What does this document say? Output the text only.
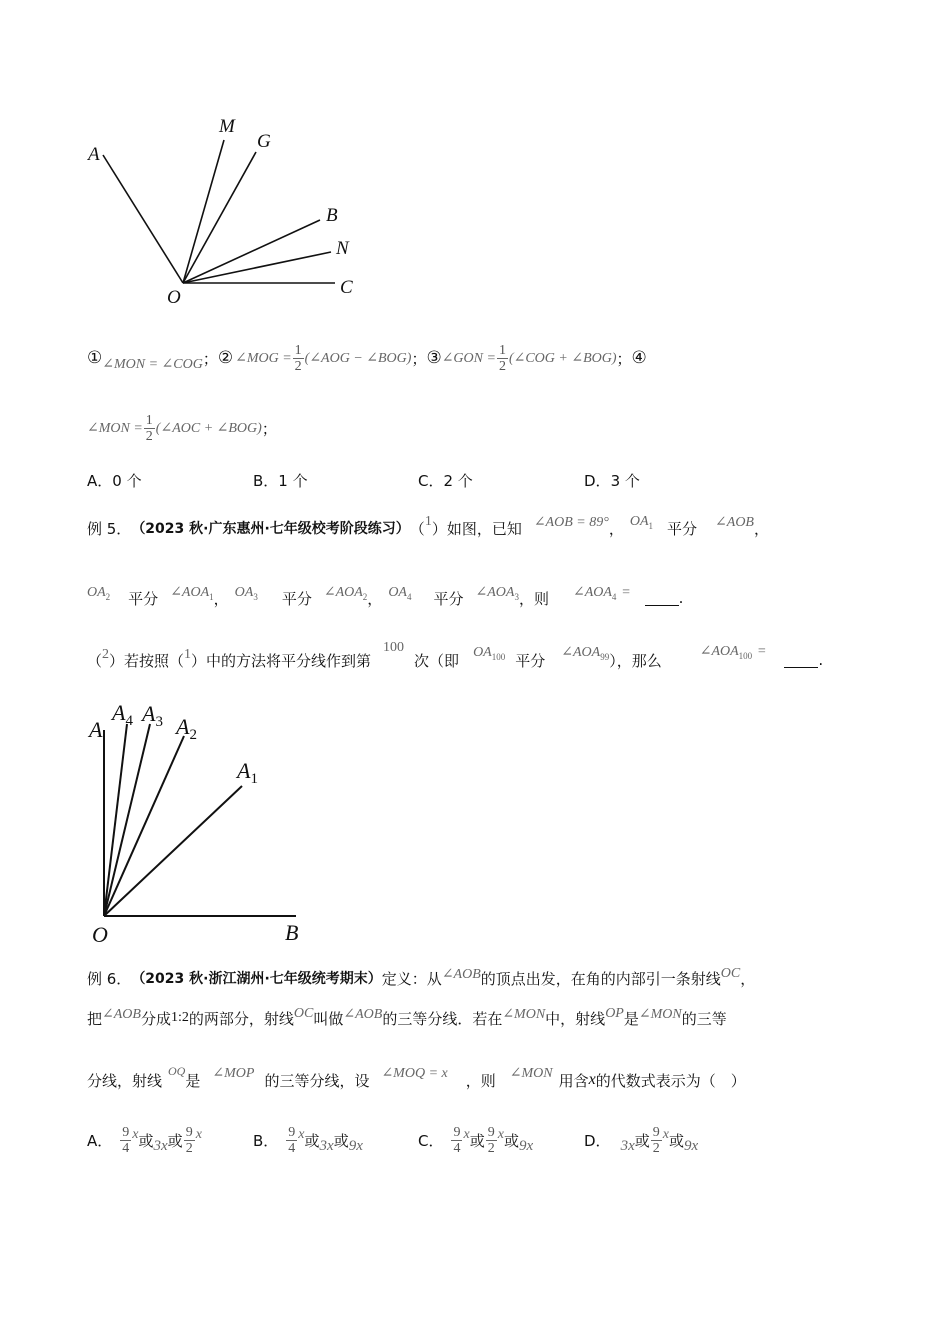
A
M
G
B
N
C
O
① ∠MON = ∠COG ； ② ∠MOG = $\frac{1}{2}$ (∠AOG − ∠BOG) ； ③ ∠GON = $\frac{1}{2}$ (∠COG + ∠BOG) ； ④
∠MON = $\frac{1}{2}$ (∠AOC + ∠BOG) ；
A．0 个	B．1 个	C．2 个	D．3 个
例 5． （2023 秋·广东惠州·七年级校考阶段练习） （ 1 ）如图，已知 ∠AOB = 89° ， $OA_1$ 平分 ∠AOB ，
$OA_2$ 平分 $\angle AOA_1$ ， $OA_3$ 平分 $\angle AOA_2$ ， $OA_4$ 平分 $\angle AOA_3$ ，则 $\angle AOA_4$ =	.
（ 2 ）若按照（ 1 ）中的方法将平分线作到第
100
次（即 $OA_{100}$ 平分 $\angle AOA_{99}$ ），那么	$\angle AOA_{100}$ =	.
A
$A_4$ $A_3$ $A_2$
$A_1$
O	B
例 6． （2023 秋·浙江湖州·七年级统考期末） 定义：从 ∠AOB 的顶点出发，在角的内部引一条射线 OC ，
把 ∠AOB 分成 1:2 的两部分，射线 OC 叫做 ∠AOB 的三等分线．若在 ∠MON 中，射线 OP 是 ∠MON 的三等
分线，射线
OQ
是 ∠MOP 的三等分线，设 ∠MOQ = x ，则 ∠MON 用含 x 的代数式表示为（　）
A． $\frac{9}{4}$ x 或 3x 或 $\frac{9}{2}$ x	B． $\frac{9}{4}$ x 或 3x 或 9x	C． $\frac{9}{4}$ x 或 $\frac{9}{2}$ x 或 9x	D． 3x 或 $\frac{9}{2}$ x 或 9x
